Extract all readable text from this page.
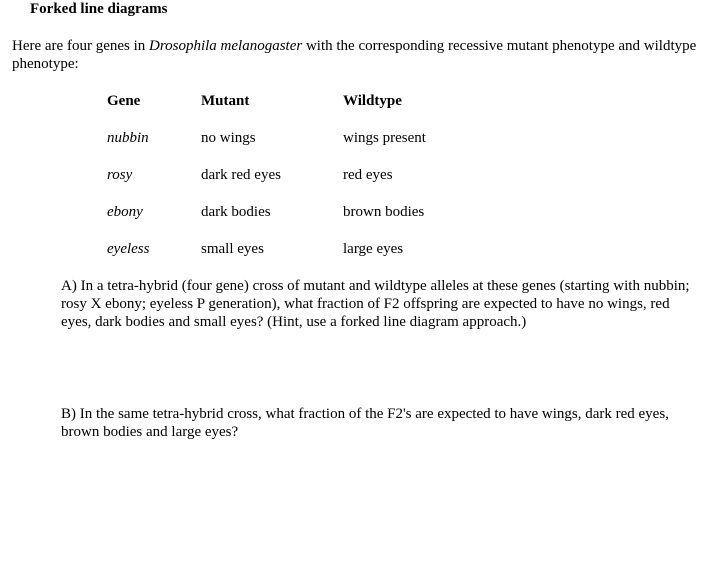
Forked line diagrams
Here are four genes in Drosophila melanogaster with the corresponding recessive mutant phenotype and wildtype phenotype:
Gene	Mutant	Wildtype
nubbin	no wings	wings present
rosy	dark red eyes	red eyes
ebony	dark bodies	brown bodies
eyeless	small eyes	large eyes
A) In a tetra-hybrid (four gene) cross of mutant and wildtype alleles at these genes (starting with nubbin; rosy X ebony; eyeless P generation), what fraction of F2 offspring are expected to have no wings, red eyes, dark bodies and small eyes? (Hint, use a forked line diagram approach.)
B) In the same tetra-hybrid cross, what fraction of the F2's are expected to have wings, dark red eyes, brown bodies and large eyes?
